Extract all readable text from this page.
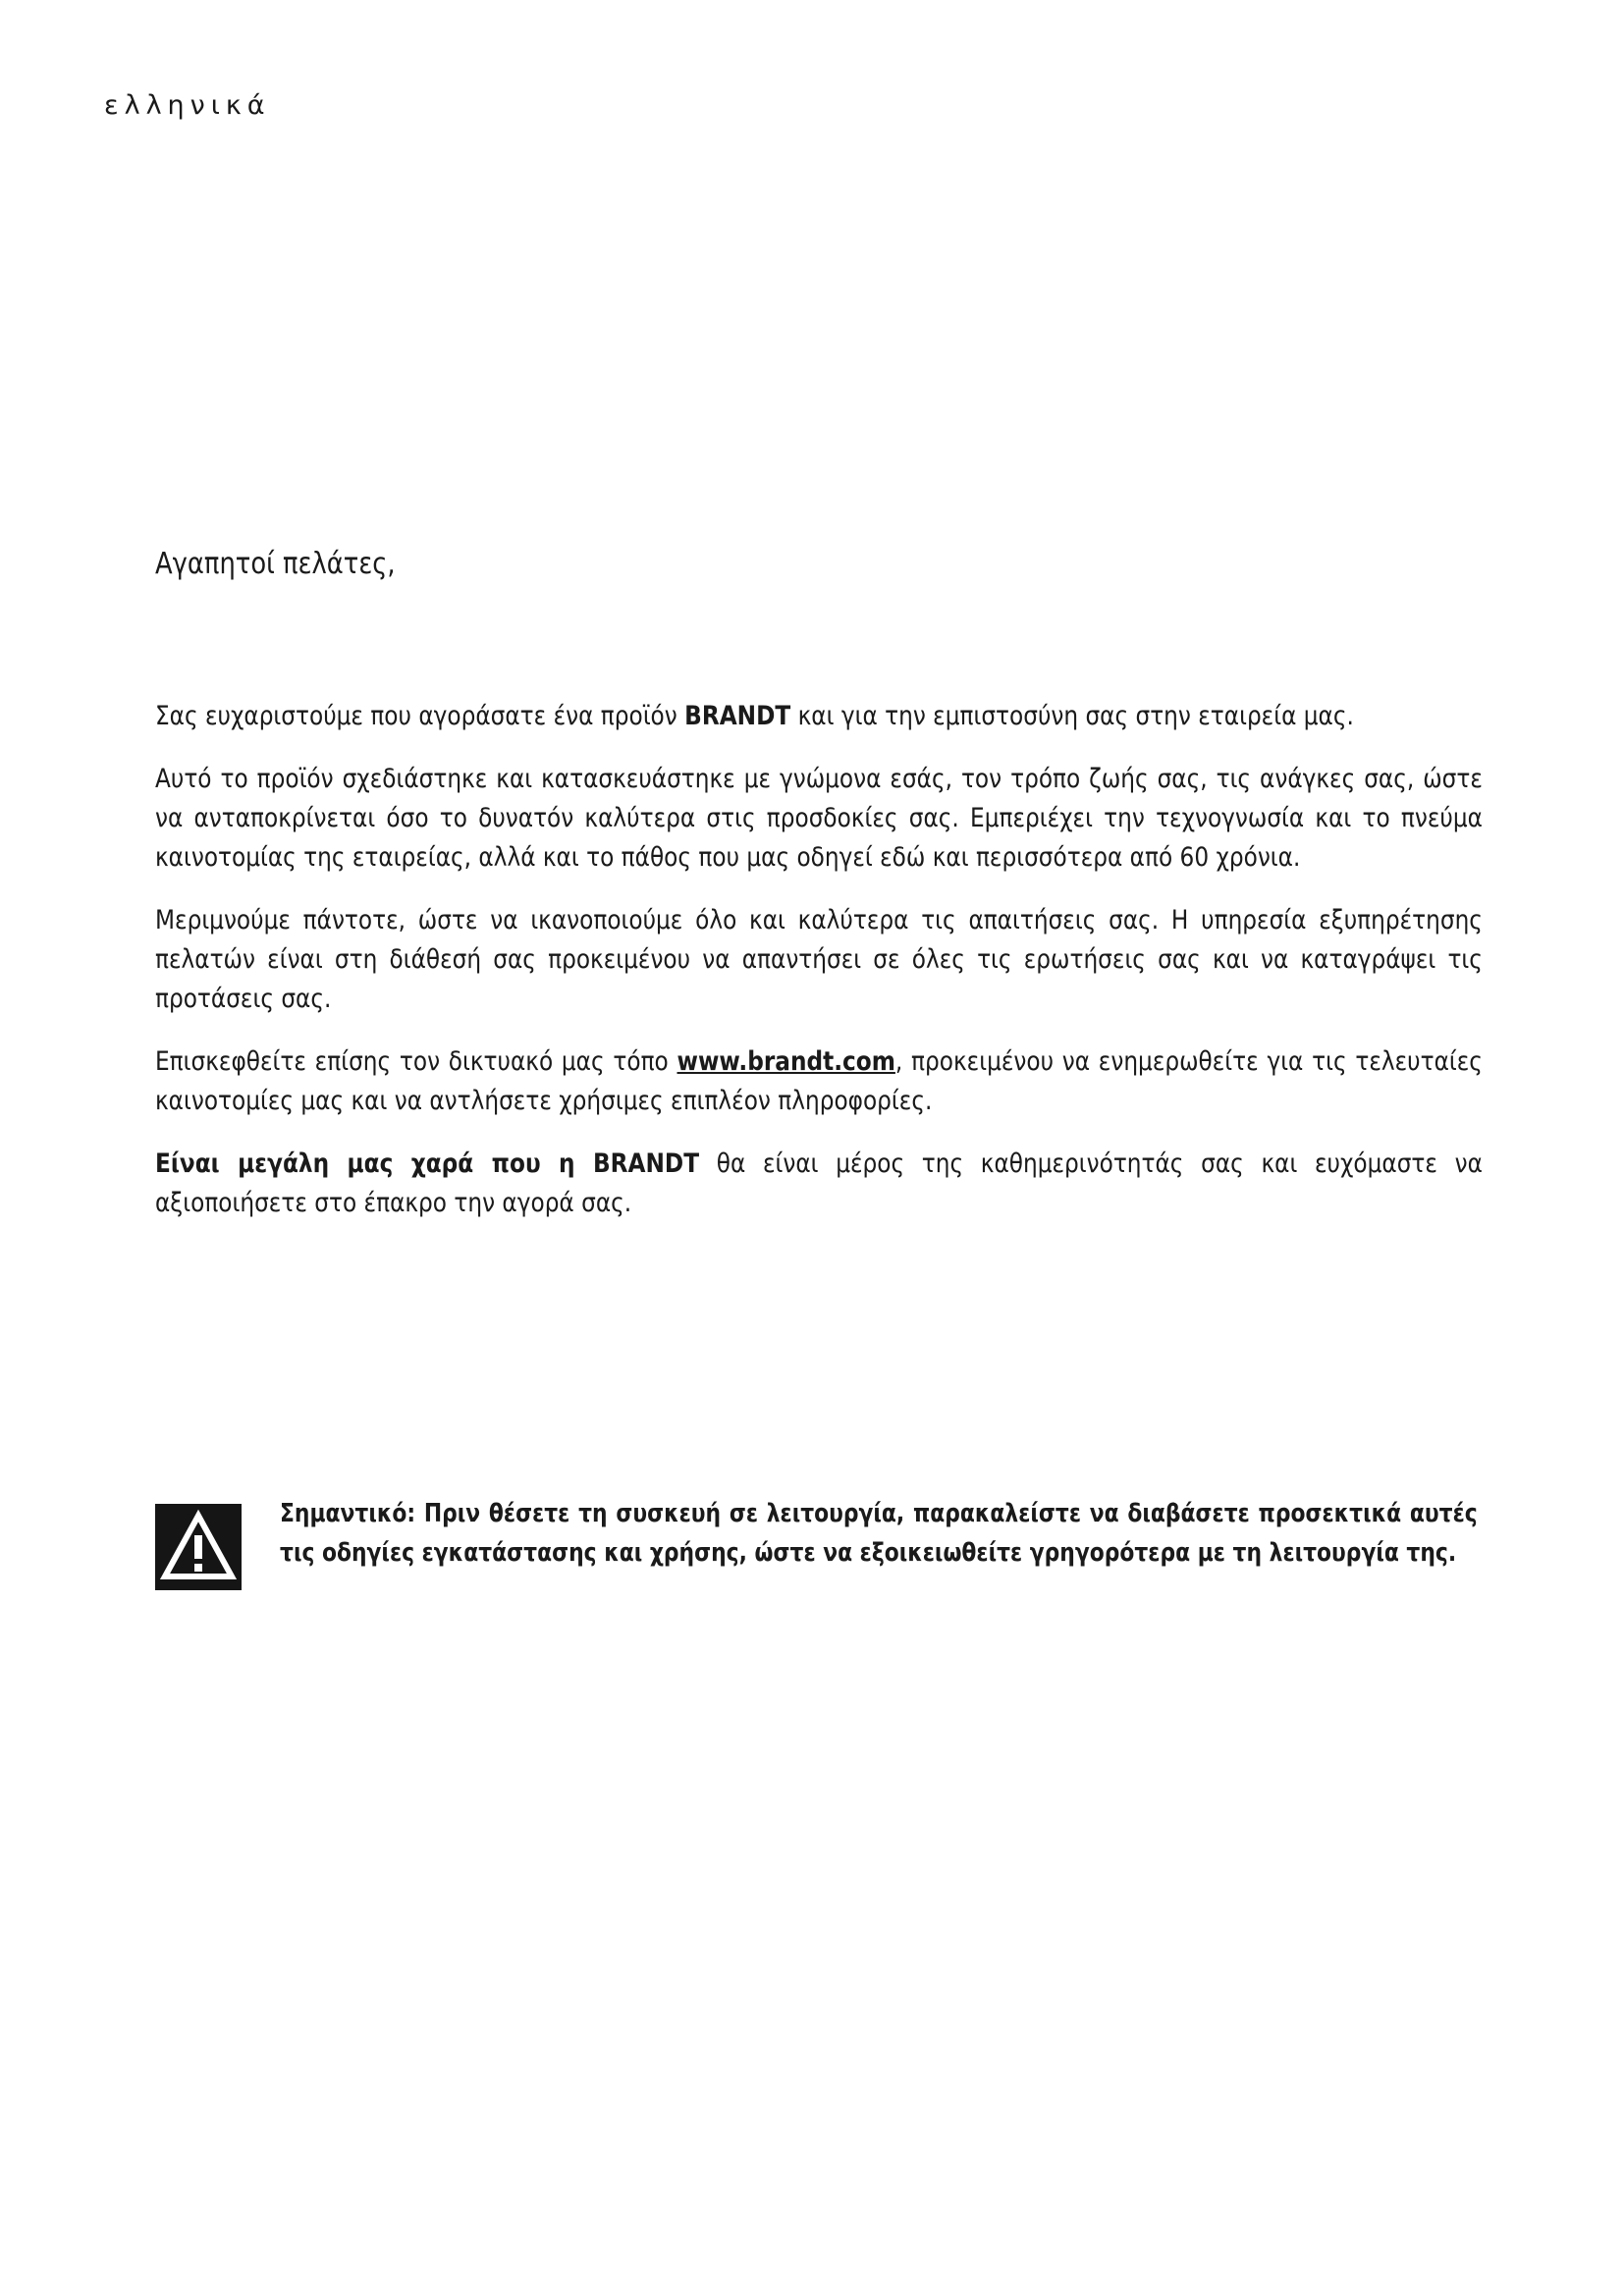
ελληνικά

Αγαπητοί πελάτες,

Σας ευχαριστούμε που αγοράσατε ένα προϊόν BRANDT και για την εμπιστοσύνη σας στην εταιρεία μας.

Αυτό το προϊόν σχεδιάστηκε και κατασκευάστηκε με γνώμονα εσάς, τον τρόπο ζωής σας, τις ανάγκες σας, ώστε να ανταποκρίνεται όσο το δυνατόν καλύτερα στις προσδοκίες σας. Εμπεριέχει την τεχνογνωσία και το πνεύμα καινοτομίας της εταιρείας, αλλά και το πάθος που μας οδηγεί εδώ και περισσότερα από 60 χρόνια.

Μεριμνούμε πάντοτε, ώστε να ικανοποιούμε όλο και καλύτερα τις απαιτήσεις σας. Η υπηρεσία εξυπηρέτησης πελατών είναι στη διάθεσή σας προκειμένου να απαντήσει σε όλες τις ερωτήσεις σας και να καταγράψει τις προτάσεις σας.

Επισκεφθείτε επίσης τον δικτυακό μας τόπο www.brandt.com, προκειμένου να ενημερωθείτε για τις τελευταίες καινοτομίες μας και να αντλήσετε χρήσιμες επιπλέον πληροφορίες.

Είναι μεγάλη μας χαρά που η BRANDT θα είναι μέρος της καθημερινότητάς σας και ευχόμαστε να αξιοποιήσετε στο έπακρο την αγορά σας.

Σημαντικό: Πριν θέσετε τη συσκευή σε λειτουργία, παρακαλείστε να διαβάσετε προσεκτικά αυτές τις οδηγίες εγκατάστασης και χρήσης, ώστε να εξοικειωθείτε γρηγορότερα με τη λειτουργία της.
